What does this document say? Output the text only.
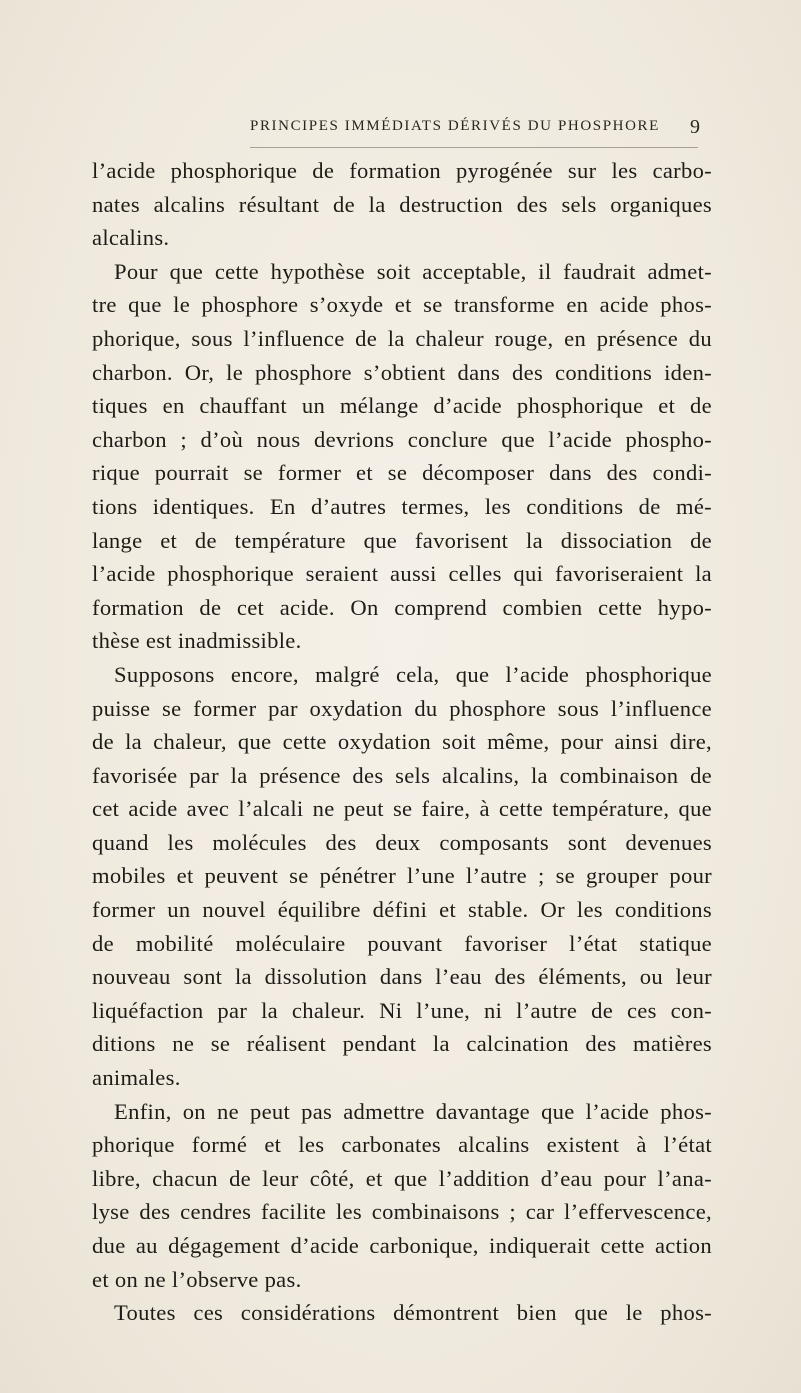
PRINCIPES IMMÉDIATS DÉRIVÉS DU PHOSPHORE 9
l’acide phosphorique de formation pyrogénée sur les carbo-
nates alcalins résultant de la destruction des sels organiques
alcalins.
Pour que cette hypothèse soit acceptable, il faudrait admet-
tre que le phosphore s’oxyde et se transforme en acide phos-
phorique, sous l’influence de la chaleur rouge, en présence du
charbon. Or, le phosphore s’obtient dans des conditions iden-
tiques en chauffant un mélange d’acide phosphorique et de
charbon ; d’où nous devrions conclure que l’acide phospho-
rique pourrait se former et se décomposer dans des condi-
tions identiques. En d’autres termes, les conditions de mé-
lange et de température que favorisent la dissociation de
l’acide phosphorique seraient aussi celles qui favoriseraient la
formation de cet acide. On comprend combien cette hypo-
thèse est inadmissible.
Supposons encore, malgré cela, que l’acide phosphorique
puisse se former par oxydation du phosphore sous l’influence
de la chaleur, que cette oxydation soit même, pour ainsi dire,
favorisée par la présence des sels alcalins, la combinaison de
cet acide avec l’alcali ne peut se faire, à cette température, que
quand les molécules des deux composants sont devenues
mobiles et peuvent se pénétrer l’une l’autre ; se grouper pour
former un nouvel équilibre défini et stable. Or les conditions
de mobilité moléculaire pouvant favoriser l’état statique
nouveau sont la dissolution dans l’eau des éléments, ou leur
liquéfaction par la chaleur. Ni l’une, ni l’autre de ces con-
ditions ne se réalisent pendant la calcination des matières
animales.
Enfin, on ne peut pas admettre davantage que l’acide phos-
phorique formé et les carbonates alcalins existent à l’état
libre, chacun de leur côté, et que l’addition d’eau pour l’ana-
lyse des cendres facilite les combinaisons ; car l’effervescence,
due au dégagement d’acide carbonique, indiquerait cette action
et on ne l’observe pas.
Toutes ces considérations démontrent bien que le phos-
